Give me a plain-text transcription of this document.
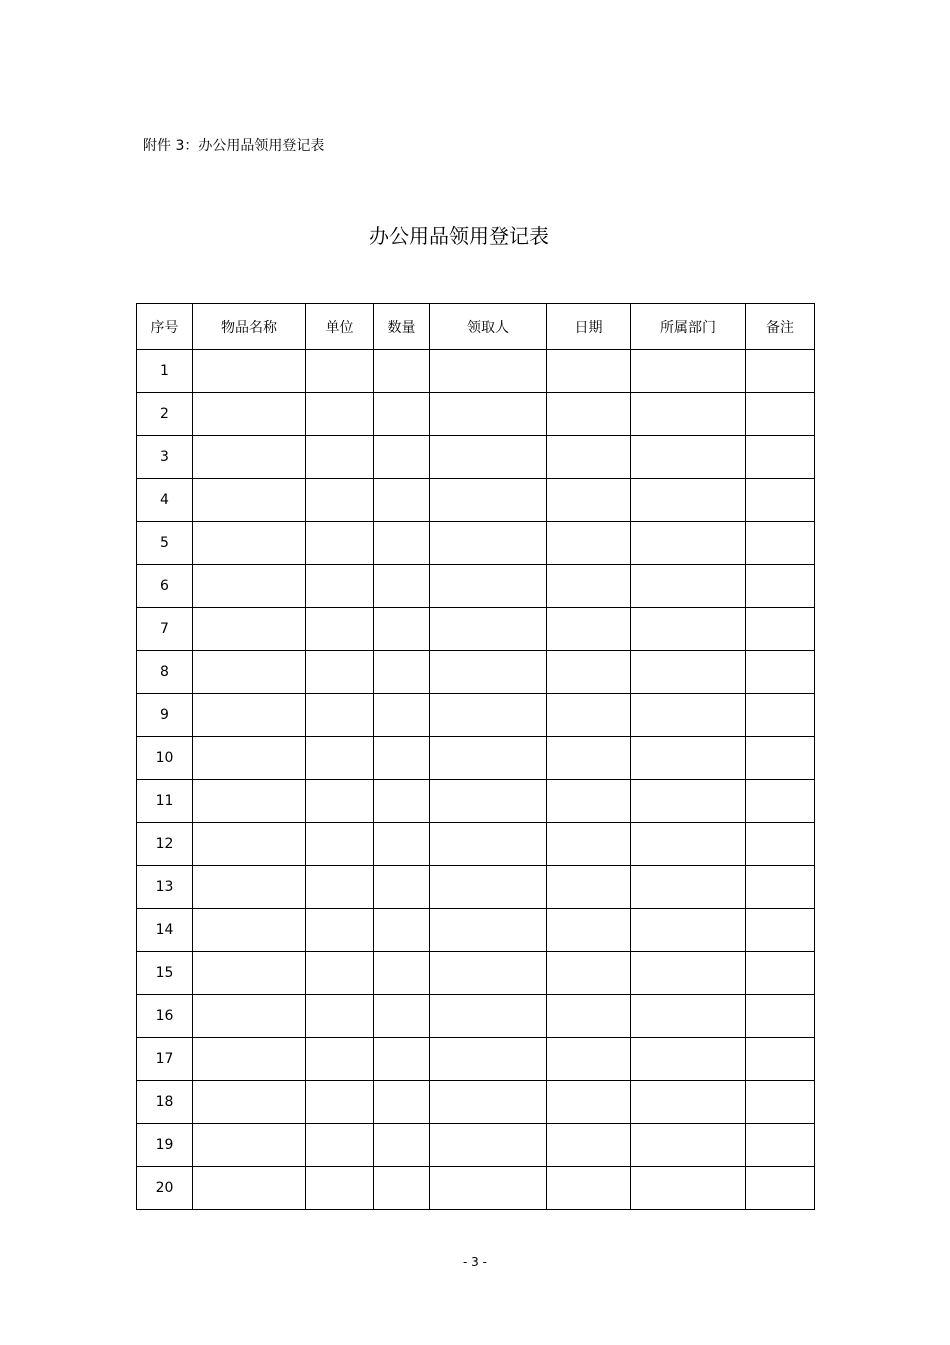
附件 3：办公用品领用登记表
办公用品领用登记表
序号	物品名称	单位	数量	领取人	日期	所属部门	备注
1							
2							
3							
4							
5							
6							
7							
8							
9							
10							
11							
12							
13							
14							
15							
16							
17							
18							
19							
20							
- 3 -
